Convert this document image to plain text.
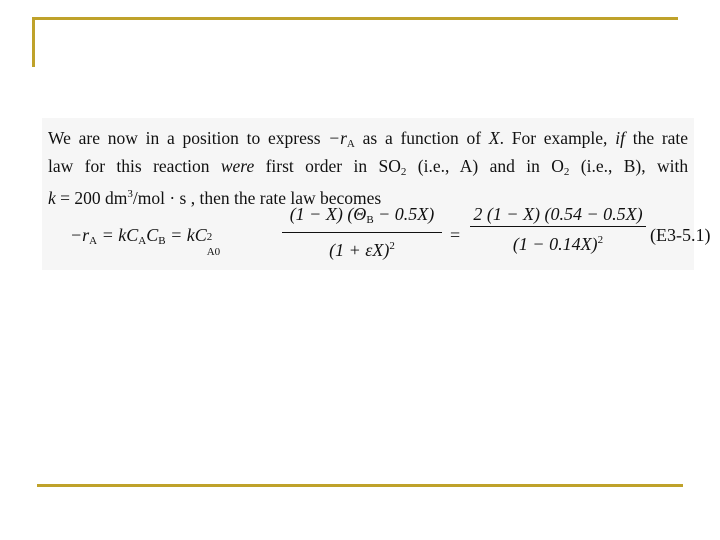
We are now in a position to express $-r_A$ as a function of X. For example, if the rate
law for this reaction were first order in $SO_2$ (i.e., A) and in $O_2$ (i.e., B), with
k = 200 $dm^3$/mol · s , then the rate law becomes
$-r_A = kC_AC_B$ = kC 2
A0
(1 − X) $(\Theta_B - 0.5X)$
$(1 + \varepsilon X)^2$
=
2 (1 − X) (0.54 − 0.5X)
$(1 - 0.14X)^2$	(E3-5.1)
